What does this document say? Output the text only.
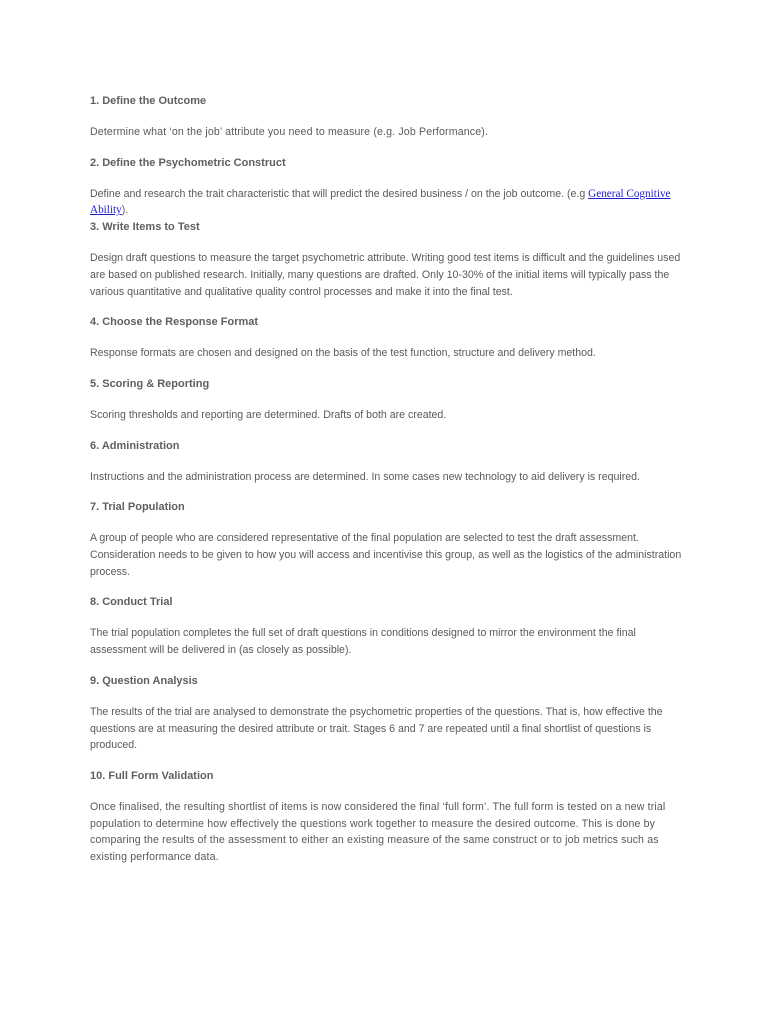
1. Define the Outcome

Determine what ‘on the job’ attribute you need to measure (e.g. Job Performance).

2. Define the Psychometric Construct

Define and research the trait characteristic that will predict the desired business / on the job outcome. (e.g General Cognitive Ability).

3. Write Items to Test

Design draft questions to measure the target psychometric attribute. Writing good test items is difficult and the guidelines used are based on published research. Initially, many questions are drafted. Only 10-30% of the initial items will typically pass the various quantitative and qualitative quality control processes and make it into the final test.

4. Choose the Response Format

Response formats are chosen and designed on the basis of the test function, structure and delivery method.

5. Scoring & Reporting

Scoring thresholds and reporting are determined. Drafts of both are created.

6. Administration

Instructions and the administration process are determined. In some cases new technology to aid delivery is required.

7. Trial Population

A group of people who are considered representative of the final population are selected to test the draft assessment. Consideration needs to be given to how you will access and incentivise this group, as well as the logistics of the administration process.

8. Conduct Trial

The trial population completes the full set of draft questions in conditions designed to mirror the environment the final assessment will be delivered in (as closely as possible).

9. Question Analysis

The results of the trial are analysed to demonstrate the psychometric properties of the questions. That is, how effective the questions are at measuring the desired attribute or trait. Stages 6 and 7 are repeated until a final shortlist of questions is produced.

10. Full Form Validation

Once finalised, the resulting shortlist of items is now considered the final ‘full form’. The full form is tested on a new trial population to determine how effectively the questions work together to measure the desired outcome. This is done by comparing the results of the assessment to either an existing measure of the same construct or to job metrics such as existing performance data.
